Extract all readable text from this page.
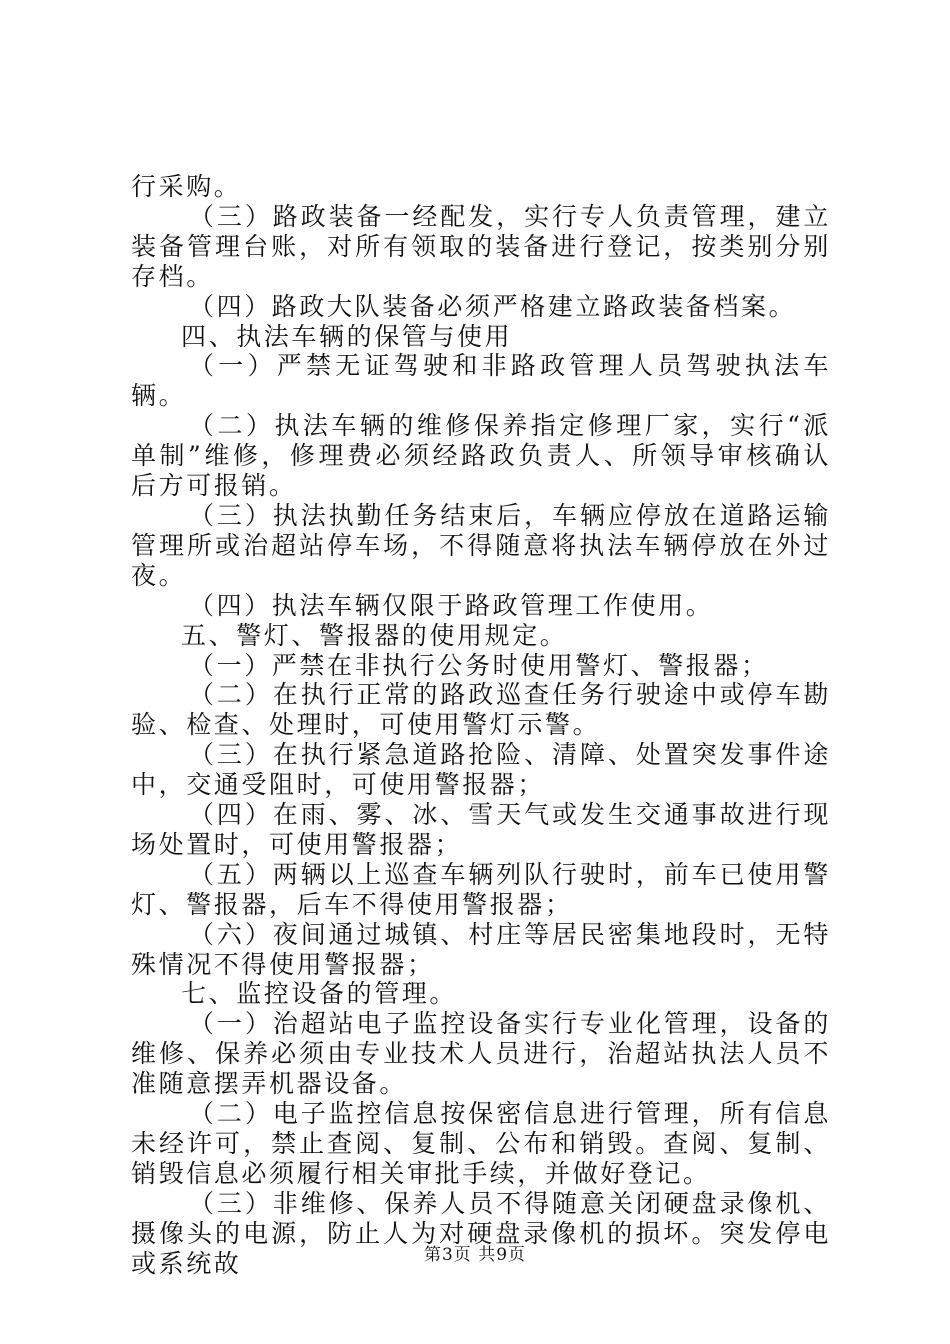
行采购。
（三）路政装备一经配发，实行专人负责管理，建立装备管理台账，对所有领取的装备进行登记，按类别分别存档。
（四）路政大队装备必须严格建立路政装备档案。
四、执法车辆的保管与使用
（一）严禁无证驾驶和非路政管理人员驾驶执法车辆。
（二）执法车辆的维修保养指定修理厂家，实行“派单制”维修，修理费必须经路政负责人、所领导审核确认后方可报销。
（三）执法执勤任务结束后，车辆应停放在道路运输管理所或治超站停车场，不得随意将执法车辆停放在外过夜。
（四）执法车辆仅限于路政管理工作使用。
五、警灯、警报器的使用规定。
（一）严禁在非执行公务时使用警灯、警报器；
（二）在执行正常的路政巡查任务行驶途中或停车勘验、检查、处理时，可使用警灯示警。
（三）在执行紧急道路抢险、清障、处置突发事件途中，交通受阻时，可使用警报器；
（四）在雨、雾、冰、雪天气或发生交通事故进行现场处置时，可使用警报器；
（五）两辆以上巡查车辆列队行驶时，前车已使用警灯、警报器，后车不得使用警报器；
（六）夜间通过城镇、村庄等居民密集地段时，无特殊情况不得使用警报器；
七、监控设备的管理。
（一）治超站电子监控设备实行专业化管理，设备的维修、保养必须由专业技术人员进行，治超站执法人员不准随意摆弄机器设备。
（二）电子监控信息按保密信息进行管理，所有信息未经许可，禁止查阅、复制、公布和销毁。查阅、复制、销毁信息必须履行相关审批手续，并做好登记。
（三）非维修、保养人员不得随意关闭硬盘录像机、摄像头的电源，防止人为对硬盘录像机的损坏。突发停电或系统故	第3页 共9页
